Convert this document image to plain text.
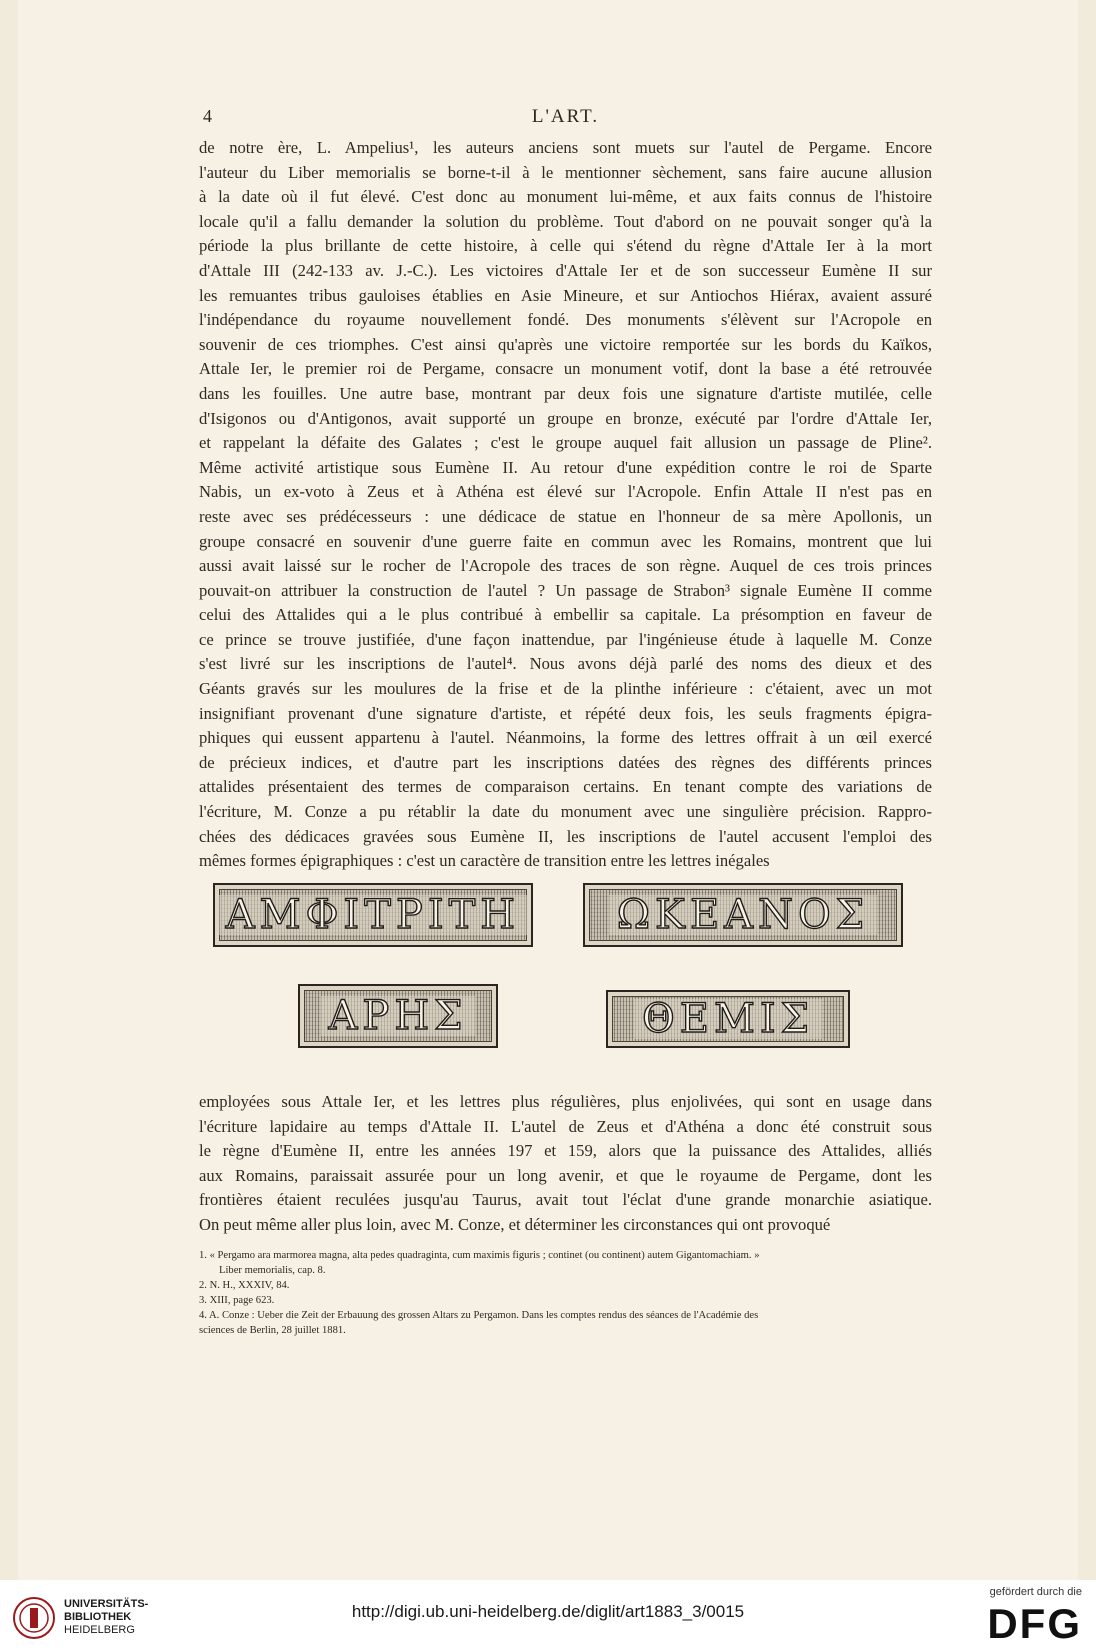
4	L'ART.
de notre ère, L. Ampelius¹, les auteurs anciens sont muets sur l'autel de Pergame. Encore
l'auteur du Liber memorialis se borne-t-il à le mentionner sèchement, sans faire aucune allusion
à la date où il fut élevé. C'est donc au monument lui-même, et aux faits connus de l'histoire
locale qu'il a fallu demander la solution du problème. Tout d'abord on ne pouvait songer qu'à la
période la plus brillante de cette histoire, à celle qui s'étend du règne d'Attale Ier à la mort
d'Attale III (242-133 av. J.-C.). Les victoires d'Attale Ier et de son successeur Eumène II sur
les remuantes tribus gauloises établies en Asie Mineure, et sur Antiochos Hiérax, avaient assuré
l'indépendance du royaume nouvellement fondé. Des monuments s'élèvent sur l'Acropole en
souvenir de ces triomphes. C'est ainsi qu'après une victoire remportée sur les bords du Kaïkos,
Attale Ier, le premier roi de Pergame, consacre un monument votif, dont la base a été retrouvée
dans les fouilles. Une autre base, montrant par deux fois une signature d'artiste mutilée, celle
d'Isigonos ou d'Antigonos, avait supporté un groupe en bronze, exécuté par l'ordre d'Attale Ier,
et rappelant la défaite des Galates ; c'est le groupe auquel fait allusion un passage de Pline².
Même activité artistique sous Eumène II. Au retour d'une expédition contre le roi de Sparte
Nabis, un ex-voto à Zeus et à Athéna est élevé sur l'Acropole. Enfin Attale II n'est pas en
reste avec ses prédécesseurs : une dédicace de statue en l'honneur de sa mère Apollonis, un
groupe consacré en souvenir d'une guerre faite en commun avec les Romains, montrent que lui
aussi avait laissé sur le rocher de l'Acropole des traces de son règne. Auquel de ces trois princes
pouvait-on attribuer la construction de l'autel ? Un passage de Strabon³ signale Eumène II comme
celui des Attalides qui a le plus contribué à embellir sa capitale. La présomption en faveur de
ce prince se trouve justifiée, d'une façon inattendue, par l'ingénieuse étude à laquelle M. Conze
s'est livré sur les inscriptions de l'autel⁴. Nous avons déjà parlé des noms des dieux et des
Géants gravés sur les moulures de la frise et de la plinthe inférieure : c'étaient, avec un mot
insignifiant provenant d'une signature d'artiste, et répété deux fois, les seuls fragments épigra-
phiques qui eussent appartenu à l'autel. Néanmoins, la forme des lettres offrait à un œil exercé
de précieux indices, et d'autre part les inscriptions datées des règnes des différents princes
attalides présentaient des termes de comparaison certains. En tenant compte des variations de
l'écriture, M. Conze a pu rétablir la date du monument avec une singulière précision. Rappro-
chées des dédicaces gravées sous Eumène II, les inscriptions de l'autel accusent l'emploi des
mêmes formes épigraphiques : c'est un caractère de transition entre les lettres inégales
ΑΜΦΙΤΡΙΤΗ ΩΚΕΑΝΟΣ
ΑΡΗΣ	ΘΕΜΙΣ
employées sous Attale Ier, et les lettres plus régulières, plus enjolivées, qui sont en usage dans
l'écriture lapidaire au temps d'Attale II. L'autel de Zeus et d'Athéna a donc été construit sous
le règne d'Eumène II, entre les années 197 et 159, alors que la puissance des Attalides, alliés
aux Romains, paraissait assurée pour un long avenir, et que le royaume de Pergame, dont les
frontières étaient reculées jusqu'au Taurus, avait tout l'éclat d'une grande monarchie asiatique.
On peut même aller plus loin, avec M. Conze, et déterminer les circonstances qui ont provoqué
1. « Pergamo ara marmorea magna, alta pedes quadraginta, cum maximis figuris ; continet (ou continent) autem Gigantomachiam. »
Liber memorialis, cap. 8.
2. N. H., XXXIV, 84.
3. XIII, page 623.
4. A. Conze : Ueber die Zeit der Erbauung des grossen Altars zu Pergamon. Dans les comptes rendus des séances de l'Académie des
sciences de Berlin, 28 juillet 1881.
UNIVERSITÄTS-
BIBLIOTHEK
HEIDELBERG
http://digi.ub.uni-heidelberg.de/diglit/art1883_3/0015
gefördert durch die
DFG
